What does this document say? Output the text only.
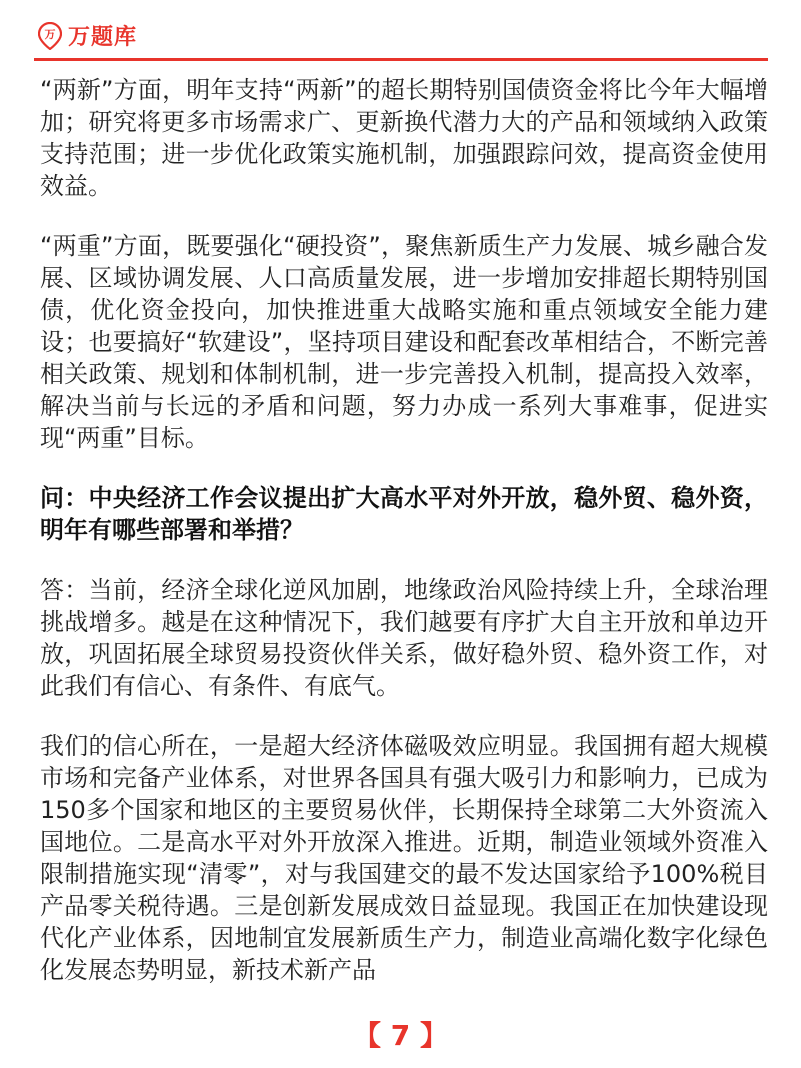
万 万题库

“两新”方面，明年支持“两新”的超长期特别国债资金将比今年大幅增加；研究将更多市场需求广、更新换代潜力大的产品和领域纳入政策支持范围；进一步优化政策实施机制，加强跟踪问效，提高资金使用效益。

“两重”方面，既要强化“硬投资”，聚焦新质生产力发展、城乡融合发展、区域协调发展、人口高质量发展，进一步增加安排超长期特别国债，优化资金投向，加快推进重大战略实施和重点领域安全能力建设；也要搞好“软建设”，坚持项目建设和配套改革相结合，不断完善相关政策、规划和体制机制，进一步完善投入机制，提高投入效率，解决当前与长远的矛盾和问题，努力办成一系列大事难事，促进实现“两重”目标。

问：中央经济工作会议提出扩大高水平对外开放，稳外贸、稳外资，明年有哪些部署和举措？

答：当前，经济全球化逆风加剧，地缘政治风险持续上升，全球治理挑战增多。越是在这种情况下，我们越要有序扩大自主开放和单边开放，巩固拓展全球贸易投资伙伴关系，做好稳外贸、稳外资工作，对此我们有信心、有条件、有底气。

我们的信心所在，一是超大经济体磁吸效应明显。我国拥有超大规模市场和完备产业体系，对世界各国具有强大吸引力和影响力，已成为150多个国家和地区的主要贸易伙伴，长期保持全球第二大外资流入国地位。二是高水平对外开放深入推进。近期，制造业领域外资准入限制措施实现“清零”，对与我国建交的最不发达国家给予100%税目产品零关税待遇。三是创新发展成效日益显现。我国正在加快建设现代化产业体系，因地制宜发展新质生产力，制造业高端化数字化绿色化发展态势明显，新技术新产品

【 7 】
